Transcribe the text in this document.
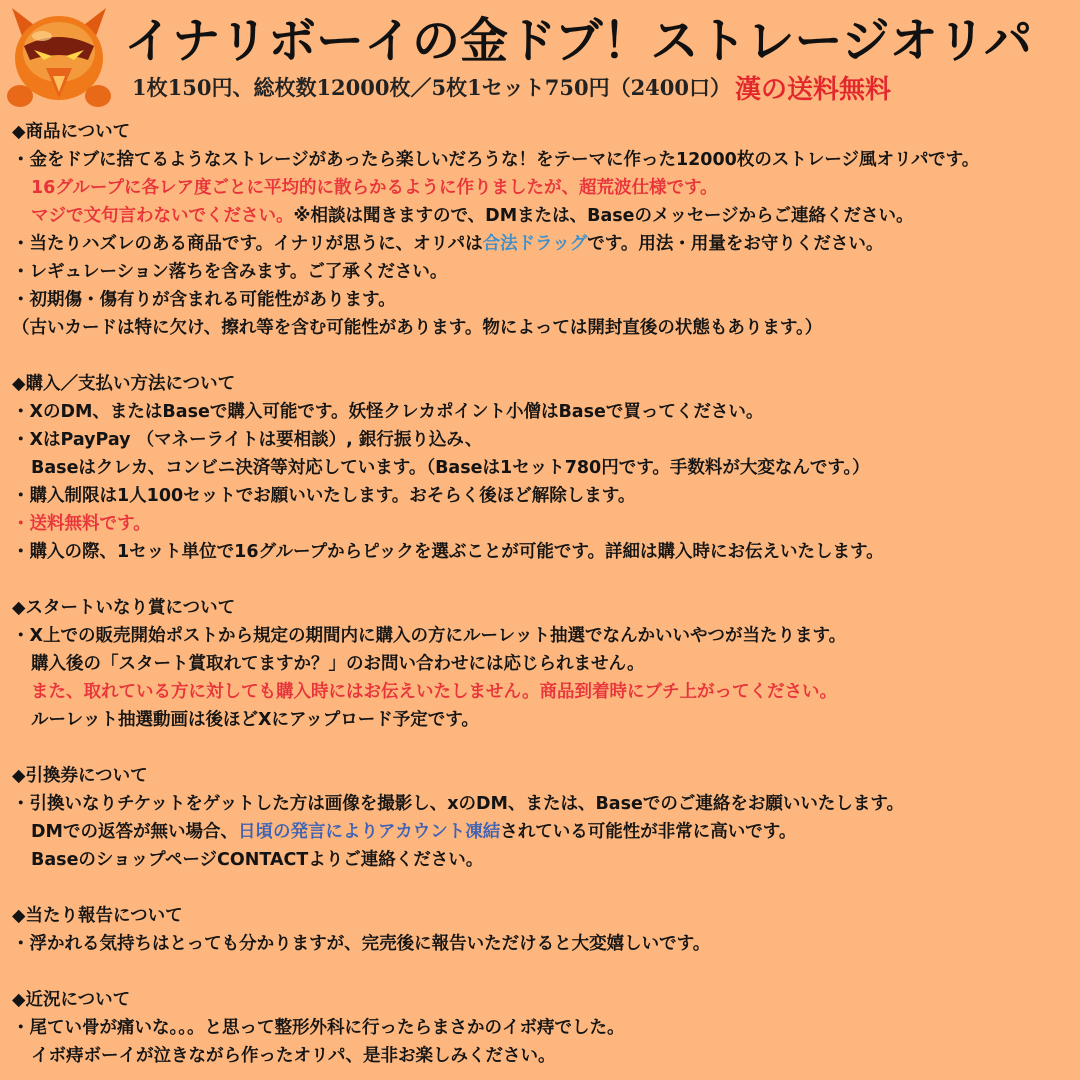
イナリボーイの金ドブ！ストレージオリパ
1枚150円、総枚数12000枚／5枚1セット750円（2400口） 漢の送料無料
◆商品について
・金をドブに捨てるようなストレージがあったら楽しいだろうな！をテーマに作った12000枚のストレージ風オリパです。
16グループに各レア度ごとに平均的に散らかるように作りましたが、超荒波仕様です。
マジで文句言わないでください。※相談は聞きますので、DMまたは、Baseのメッセージからご連絡ください。
・当たりハズレのある商品です。イナリが思うに、オリパは合法ドラッグです。用法・用量をお守りください。
・レギュレーション落ちを含みます。ご了承ください。
・初期傷・傷有りが含まれる可能性があります。
（古いカードは特に欠け、擦れ等を含む可能性があります。物によっては開封直後の状態もあります。）
◆購入／支払い方法について
・XのDM、またはBaseで購入可能です。妖怪クレカポイント小僧はBaseで買ってください。
・XはPayPay （マネーライトは要相談）, 銀行振り込み、
Baseはクレカ、コンビニ決済等対応しています。（Baseは1セット780円です。手数料が大変なんです。）
・購入制限は1人100セットでお願いいたします。おそらく後ほど解除します。
・送料無料です。
・購入の際、1セット単位で16グループからピックを選ぶことが可能です。詳細は購入時にお伝えいたします。
◆スタートいなり賞について
・X上での販売開始ポストから規定の期間内に購入の方にルーレット抽選でなんかいいやつが当たります。
購入後の「スタート賞取れてますか？」のお問い合わせには応じられません。
また、取れている方に対しても購入時にはお伝えいたしません。商品到着時にブチ上がってください。
ルーレット抽選動画は後ほどXにアップロード予定です。
◆引換券について
・引換いなりチケットをゲットした方は画像を撮影し、xのDM、または、Baseでのご連絡をお願いいたします。
DMでの返答が無い場合、日頃の発言によりアカウント凍結されている可能性が非常に高いです。
BaseのショップページCONTACTよりご連絡ください。
◆当たり報告について
・浮かれる気持ちはとっても分かりますが、完売後に報告いただけると大変嬉しいです。
◆近況について
・尾てい骨が痛いな。。。と思って整形外科に行ったらまさかのイボ痔でした。
イボ痔ボーイが泣きながら作ったオリパ、是非お楽しみください。
